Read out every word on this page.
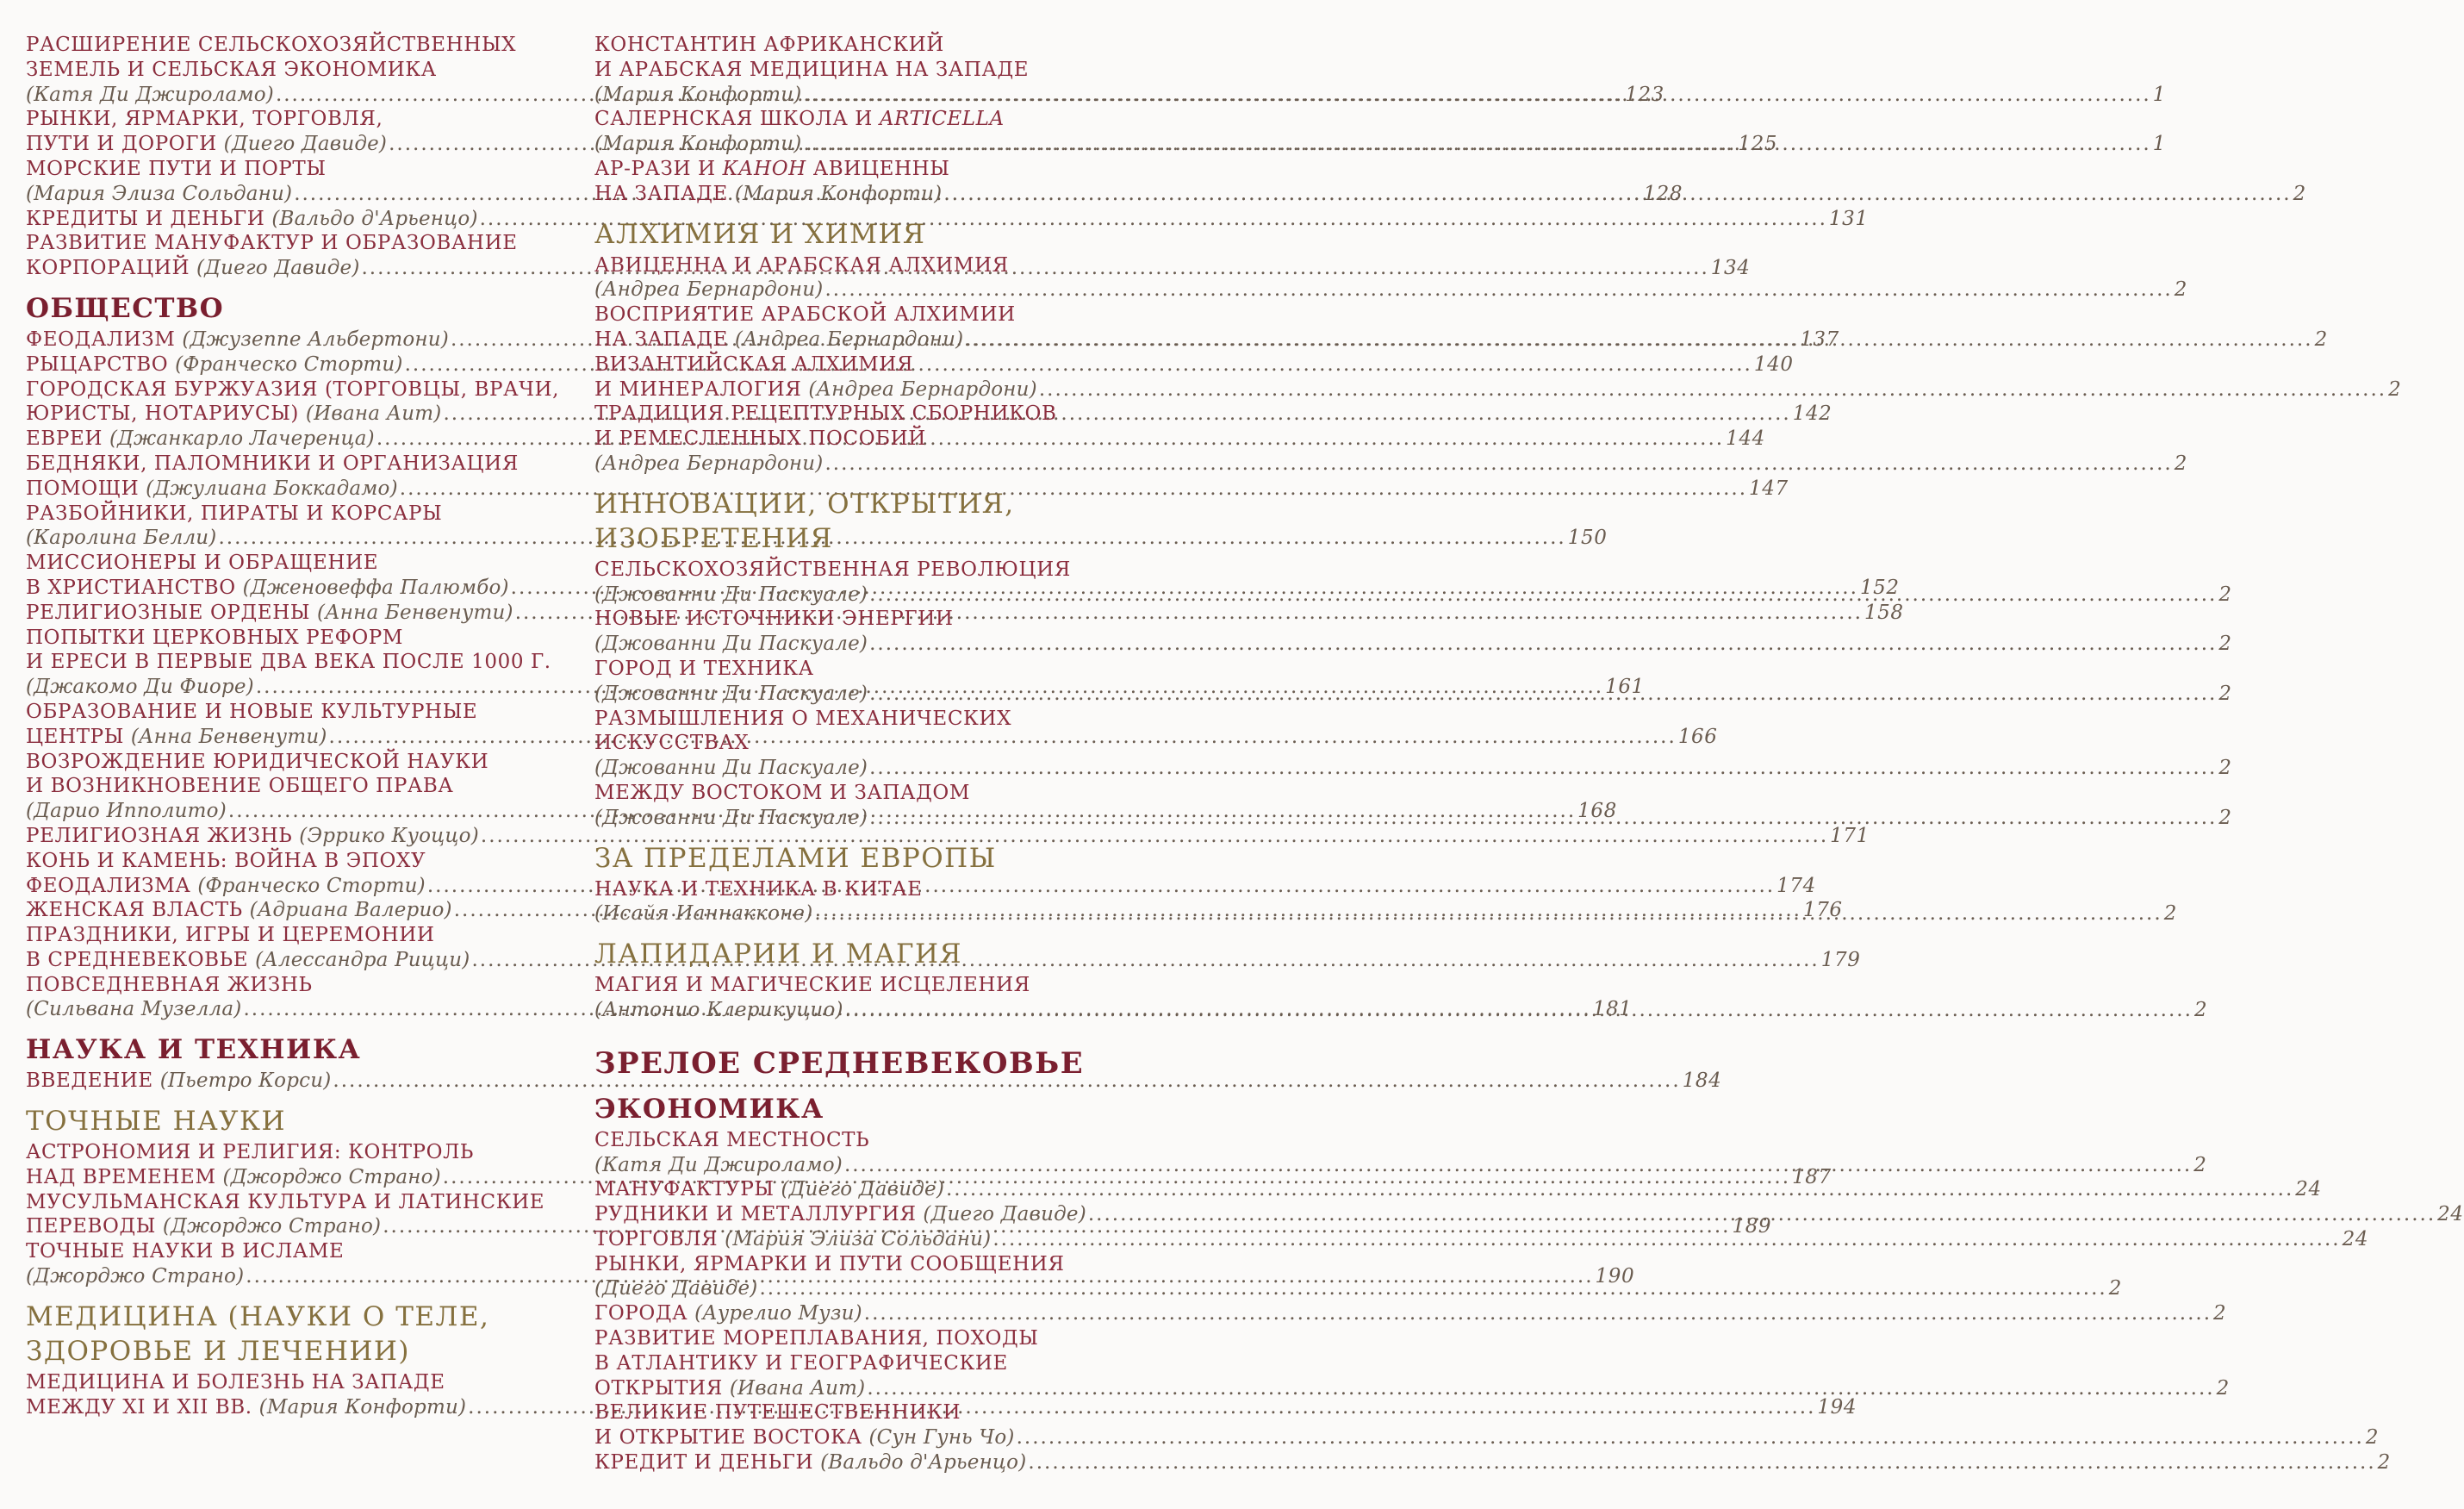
РАСШИРЕНИЕ СЕЛЬСКОХОЗЯЙСТВЕННЫХ
ЗЕМЕЛЬ И СЕЛЬСКАЯ ЭКОНОМИКА
(Катя Ди Джироламо) .....	123
РЫНКИ, ЯРМАРКИ, ТОРГОВЛЯ,
ПУТИ И ДОРОГИ (Диего Давиде) .....	125
МОРСКИЕ ПУТИ И ПОРТЫ
(Мария Элиза Сольдани) .....	128
КРЕДИТЫ И ДЕНЬГИ (Вальдо д'Арьенцо) .....	131
РАЗВИТИЕ МАНУФАКТУР И ОБРАЗОВАНИЕ
КОРПОРАЦИЙ (Диего Давиде) .....	134
ОБЩЕСТВО
ФЕОДАЛИЗМ (Джузеппе Альбертони) .....	137
РЫЦАРСТВО (Франческо Сторти) .....	140
ГОРОДСКАЯ БУРЖУАЗИЯ (ТОРГОВЦЫ, ВРАЧИ,
ЮРИСТЫ, НОТАРИУСЫ) (Ивана Аит) .....	142
ЕВРЕИ (Джанкарло Лачеренца) .....	144
БЕДНЯКИ, ПАЛОМНИКИ И ОРГАНИЗАЦИЯ
ПОМОЩИ (Джулиана Боккадамо) .....	147
РАЗБОЙНИКИ, ПИРАТЫ И КОРСАРЫ
(Каролина Белли) .....	150
МИССИОНЕРЫ И ОБРАЩЕНИЕ
В ХРИСТИАНСТВО (Дженовеффа Палюмбо) .....	152
РЕЛИГИОЗНЫЕ ОРДЕНЫ (Анна Бенвенути) .....	158
ПОПЫТКИ ЦЕРКОВНЫХ РЕФОРМ
И ЕРЕСИ В ПЕРВЫЕ ДВА ВЕКА ПОСЛЕ 1000 Г.
(Джакомо Ди Фиоре) .....	161
ОБРАЗОВАНИЕ И НОВЫЕ КУЛЬТУРНЫЕ
ЦЕНТРЫ (Анна Бенвенути) .....	166
ВОЗРОЖДЕНИЕ ЮРИДИЧЕСКОЙ НАУКИ
И ВОЗНИКНОВЕНИЕ ОБЩЕГО ПРАВА
(Дарио Ипполито) .....	168
РЕЛИГИОЗНАЯ ЖИЗНЬ (Эррико Куоццо) .....	171
КОНЬ И КАМЕНЬ: ВОЙНА В ЭПОХУ
ФЕОДАЛИЗМА (Франческо Сторти) .....	174
ЖЕНСКАЯ ВЛАСТЬ (Адриана Валерио) .....	176
ПРАЗДНИКИ, ИГРЫ И ЦЕРЕМОНИИ
В СРЕДНЕВЕКОВЬЕ (Алессандра Рицци) .....	179
ПОВСЕДНЕВНАЯ ЖИЗНЬ
(Сильвана Музелла) .....	181
НАУКА И ТЕХНИКА
ВВЕДЕНИЕ (Пьетро Корси) .....	184
ТОЧНЫЕ НАУКИ
АСТРОНОМИЯ И РЕЛИГИЯ: КОНТРОЛЬ
НАД ВРЕМЕНЕМ (Джорджо Страно) .....	187
МУСУЛЬМАНСКАЯ КУЛЬТУРА И ЛАТИНСКИЕ
ПЕРЕВОДЫ (Джорджо Страно) .....	189
ТОЧНЫЕ НАУКИ В ИСЛАМЕ
(Джорджо Страно) .....	190
МЕДИЦИНА (НАУКИ О ТЕЛЕ,
ЗДОРОВЬЕ И ЛЕЧЕНИИ)
МЕДИЦИНА И БОЛЕЗНЬ НА ЗАПАДЕ
МЕЖДУ XI И XII ВВ. (Мария Конфорти) .....	194
КОНСТАНТИН АФРИКАНСКИЙ
И АРАБСКАЯ МЕДИЦИНА НА ЗАПАДЕ
(Мария Конфорти) .....	1
САЛЕРНСКАЯ ШКОЛА И ARTICELLA
(Мария Конфорти) .....	1
АР-РАЗИ И КАНОН АВИЦЕННЫ
НА ЗАПАДЕ (Мария Конфорти) .....	2
АЛХИМИЯ И ХИМИЯ
АВИЦЕННА И АРАБСКАЯ АЛХИМИЯ
(Андреа Бернардони) .....	2
ВОСПРИЯТИЕ АРАБСКОЙ АЛХИМИИ
НА ЗАПАДЕ (Андреа Бернардони) .....	2
ВИЗАНТИЙСКАЯ АЛХИМИЯ
И МИНЕРАЛОГИЯ (Андреа Бернардони) .....	2
ТРАДИЦИЯ РЕЦЕПТУРНЫХ СБОРНИКОВ
И РЕМЕСЛЕННЫХ ПОСОБИЙ
(Андреа Бернардони) .....	2
ИННОВАЦИИ, ОТКРЫТИЯ,
ИЗОБРЕТЕНИЯ
СЕЛЬСКОХОЗЯЙСТВЕННАЯ РЕВОЛЮЦИЯ
(Джованни Ди Паскуале) .....	2
НОВЫЕ ИСТОЧНИКИ ЭНЕРГИИ
(Джованни Ди Паскуале) .....	2
ГОРОД И ТЕХНИКА
(Джованни Ди Паскуале) .....	2
РАЗМЫШЛЕНИЯ О МЕХАНИЧЕСКИХ
ИСКУССТВАХ
(Джованни Ди Паскуале) .....	2
МЕЖДУ ВОСТОКОМ И ЗАПАДОМ
(Джованни Ди Паскуале) .....	2
ЗА ПРЕДЕЛАМИ ЕВРОПЫ
НАУКА И ТЕХНИКА В КИТАЕ
(Исайя Ианнакконе) .....	2
ЛАПИДАРИИ И МАГИЯ
МАГИЯ И МАГИЧЕСКИЕ ИСЦЕЛЕНИЯ
(Антонио Клерикуцио) .....	2
ЗРЕЛОЕ СРЕДНЕВЕКОВЬЕ
ЭКОНОМИКА
СЕЛЬСКАЯ МЕСТНОСТЬ
(Катя Ди Джироламо) .....	2
МАНУФАКТУРЫ (Диего Давиде) .....	24
РУДНИКИ И МЕТАЛЛУРГИЯ (Диего Давиде) .....	24
ТОРГОВЛЯ (Мария Элиза Сольдани) .....	24
РЫНКИ, ЯРМАРКИ И ПУТИ СООБЩЕНИЯ
(Диего Давиде) .....	2
ГОРОДА (Аурелио Музи) .....	2
РАЗВИТИЕ МОРЕПЛАВАНИЯ, ПОХОДЫ
В АТЛАНТИКУ И ГЕОГРАФИЧЕСКИЕ
ОТКРЫТИЯ (Ивана Аит) .....	2
ВЕЛИКИЕ ПУТЕШЕСТВЕННИКИ
И ОТКРЫТИЕ ВОСТОКА (Сун Гунь Чо) .....	2
КРЕДИТ И ДЕНЬГИ (Вальдо д'Арьенцо) .....	2
